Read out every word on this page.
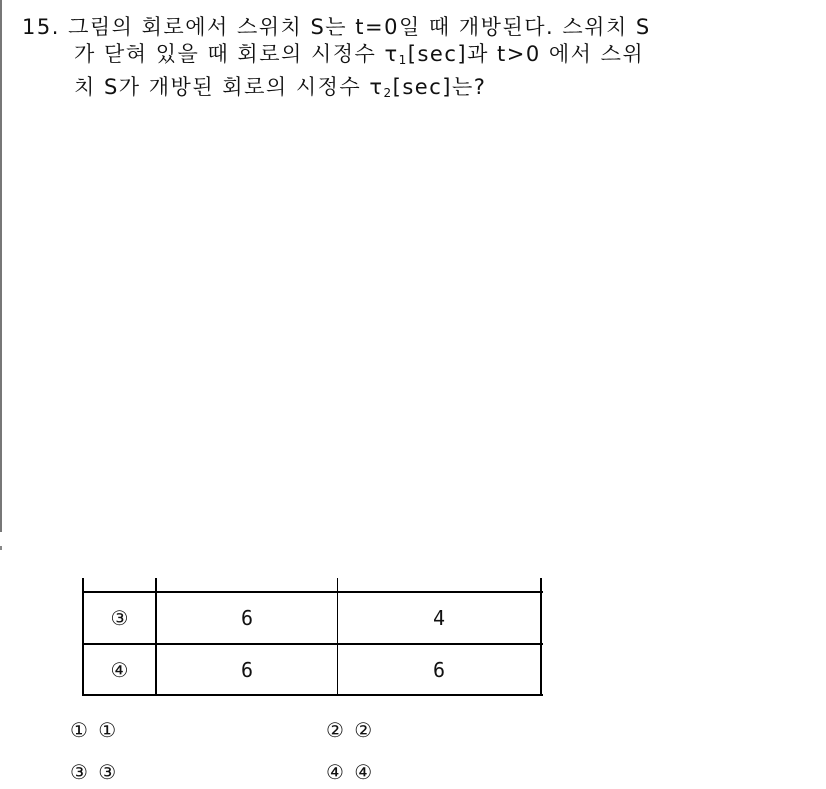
15. 그림의 회로에서 스위치 S는 t=0일 때 개방된다. 스위치 S
가 닫혀 있을 때 회로의 시정수 $\tau_1[\sec]$과 t>0 에서 스위
치 S가 개방된 회로의 시정수 $\tau_2[\sec]$는?
③	6	4
④	6	6
① ①	② ②
③ ③	④ ④
